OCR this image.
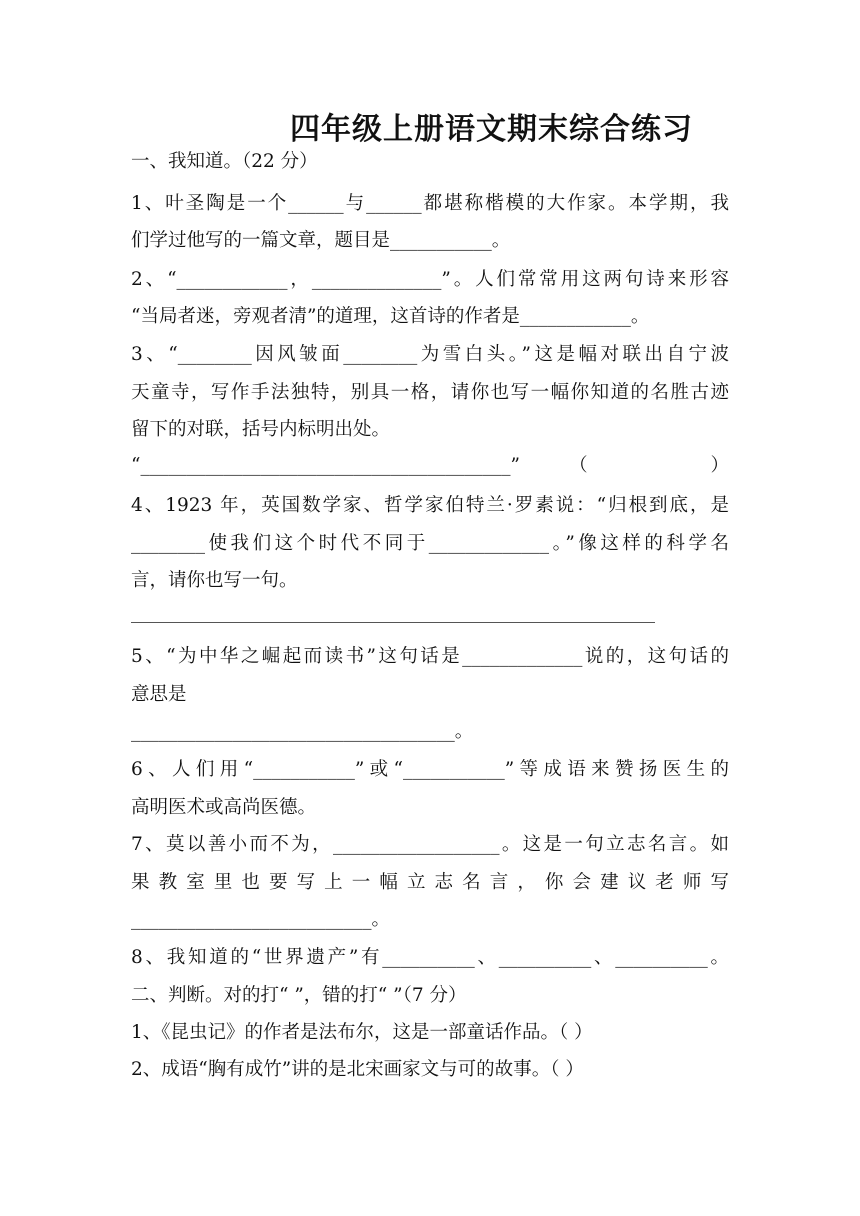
四年级上册语文期末综合练习
一、我知道。（22 分）
1、叶圣陶是一个______与______都堪称楷模的大作家。本学期，我
们学过他写的一篇文章，题目是___________。
2、“____________，______________”。人们常常用这两句诗来形容
“当局者迷，旁观者清”的道理，这首诗的作者是____________。
3、“________因风皱面________为雪白头。”这是幅对联出自宁波
天童寺，写作手法独特，别具一格，请你也写一幅你知道的名胜古迹
留下的对联，括号内标明出处。
“________________________________________”（ ）
4、1923 年，英国数学家、哲学家伯特兰·罗素说：“归根到底，是
________使我们这个时代不同于_____________。”像这样的科学名
言，请你也写一句。
5、“为中华之崛起而读书”这句话是_____________说的，这句话的
意思是
___________________________________。
6、人们用“___________”或“___________”等成语来赞扬医生的
高明医术或高尚医德。
7、莫以善小而不为，__________________。这是一句立志名言。如
果教室里也要写上一幅立志名言，你会建议老师写
__________________________。
8、我知道的“世界遗产”有__________、__________、__________。
二、判断。对的打“ ”，错的打“ ”（7 分）
1、《昆虫记》的作者是法布尔，这是一部童话作品。（ ）
2、成语“胸有成竹”讲的是北宋画家文与可的故事。（ ）
